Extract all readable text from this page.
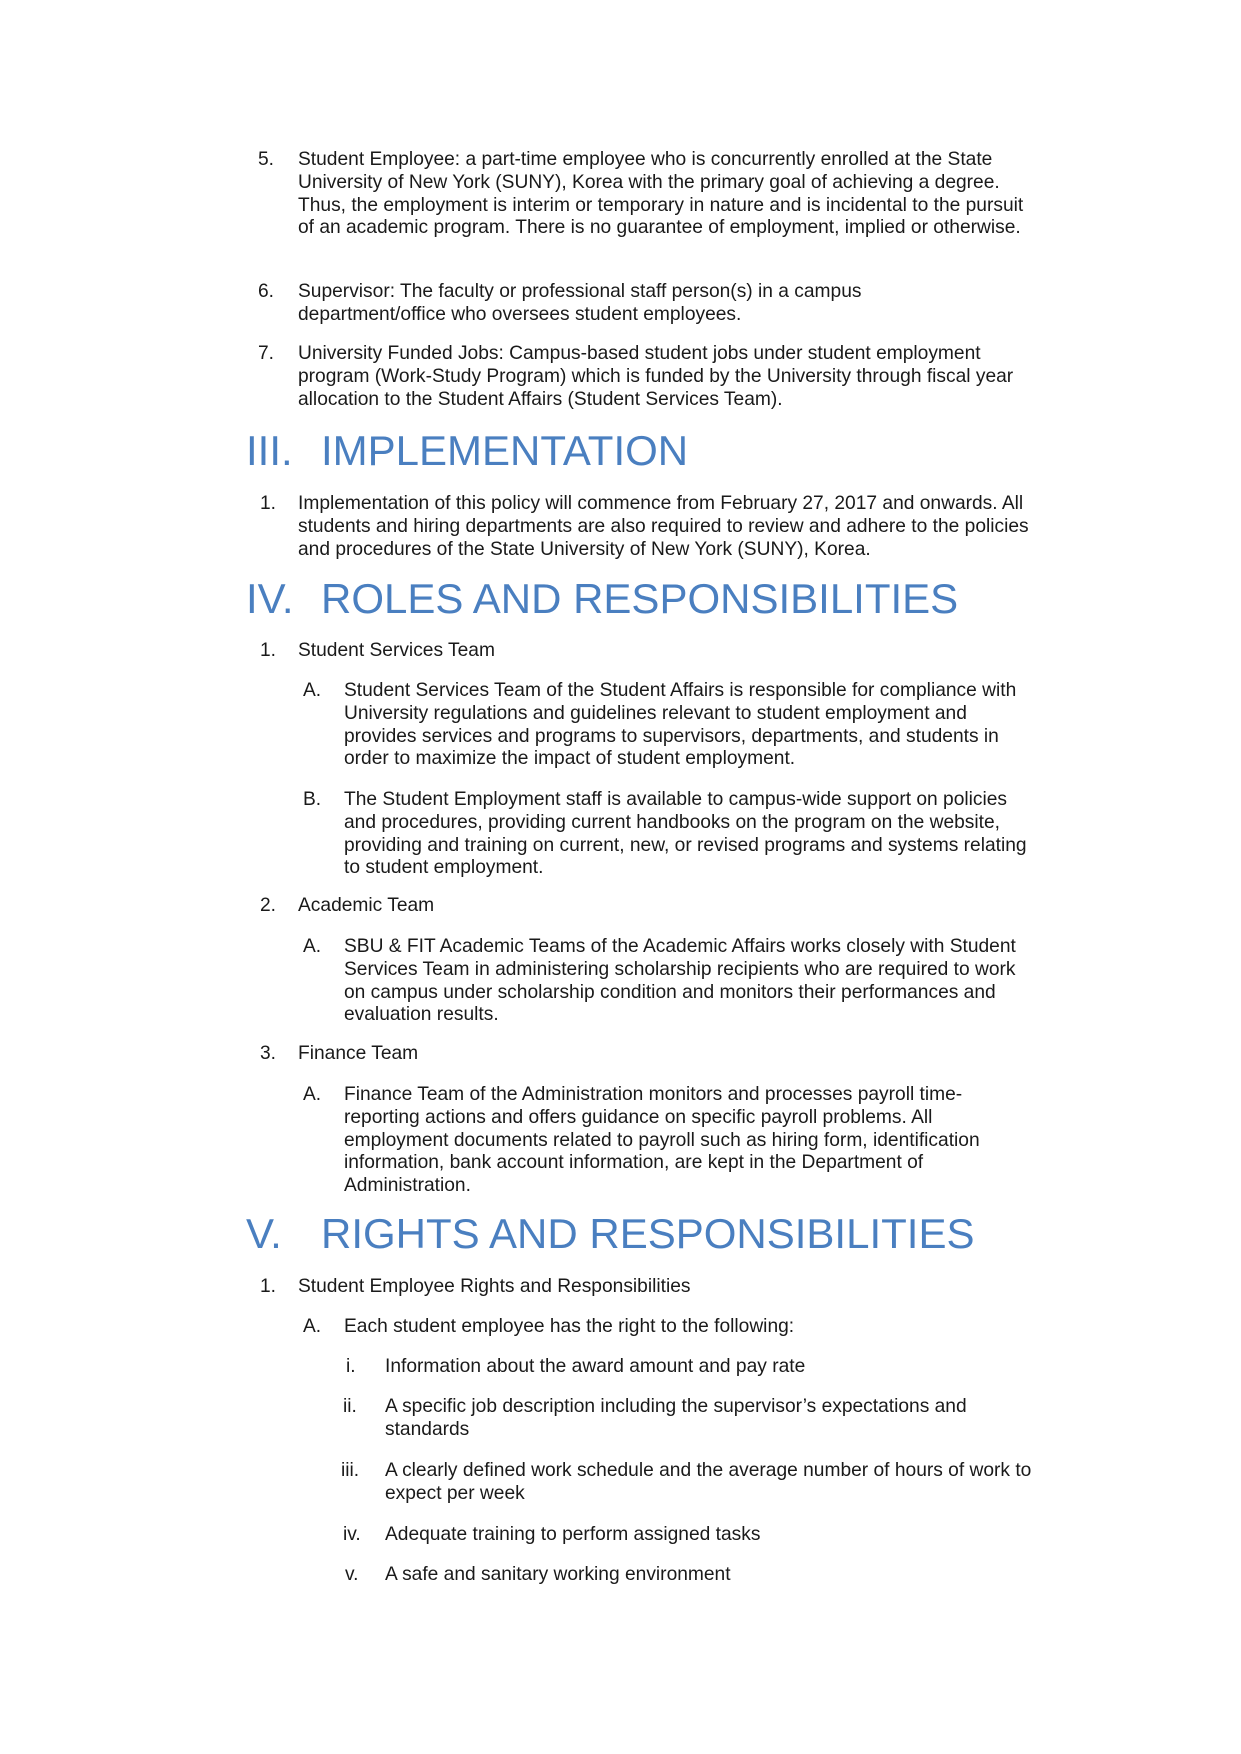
5. Student Employee: a part-time employee who is concurrently enrolled at the State University of New York (SUNY), Korea with the primary goal of achieving a degree. Thus, the employment is interim or temporary in nature and is incidental to the pursuit of an academic program. There is no guarantee of employment, implied or otherwise.
6. Supervisor: The faculty or professional staff person(s) in a campus department/office who oversees student employees.
7. University Funded Jobs: Campus-based student jobs under student employment program (Work-Study Program) which is funded by the University through fiscal year allocation to the Student Affairs (Student Services Team).
III. IMPLEMENTATION
1. Implementation of this policy will commence from February 27, 2017 and onwards. All students and hiring departments are also required to review and adhere to the policies and procedures of the State University of New York (SUNY), Korea.
IV. ROLES AND RESPONSIBILITIES
1. Student Services Team
A. Student Services Team of the Student Affairs is responsible for compliance with University regulations and guidelines relevant to student employment and provides services and programs to supervisors, departments, and students in order to maximize the impact of student employment.
B. The Student Employment staff is available to campus-wide support on policies and procedures, providing current handbooks on the program on the website, providing and training on current, new, or revised programs and systems relating to student employment.
2. Academic Team
A. SBU & FIT Academic Teams of the Academic Affairs works closely with Student Services Team in administering scholarship recipients who are required to work on campus under scholarship condition and monitors their performances and evaluation results.
3. Finance Team
A. Finance Team of the Administration monitors and processes payroll time-reporting actions and offers guidance on specific payroll problems. All employment documents related to payroll such as hiring form, identification information, bank account information, are kept in the Department of Administration.
V. RIGHTS AND RESPONSIBILITIES
1. Student Employee Rights and Responsibilities
A. Each student employee has the right to the following:
i. Information about the award amount and pay rate
ii. A specific job description including the supervisor’s expectations and standards
iii. A clearly defined work schedule and the average number of hours of work to expect per week
iv. Adequate training to perform assigned tasks
v. A safe and sanitary working environment
